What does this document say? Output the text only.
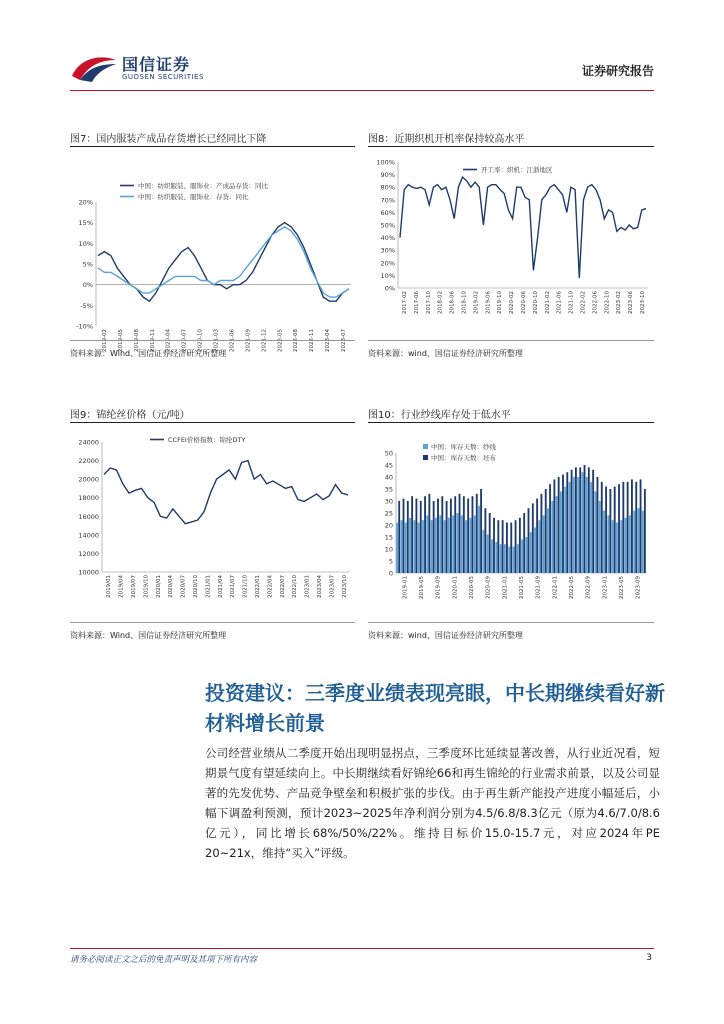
国信证券
GUOSEN SECURITIES	证券研究报告
图7：国内服装产成品存货增长已经同比下降
20%
15%
10%
5%
0%
-5%
-10%
2019-02 2019-05 2019-08 2019-11 2020-04 2020-07 2020-10 2021-03 2021-06 2021-09 2021-12 2022-05 2022-08 2022-11 2023-04 2023-07
中国：纺织服装、服饰业：产成品存货：同比
中国：纺织服装、服饰业：存货：同比
资料来源：Wind、国信证券经济研究所整理
图8：近期织机开机率保持较高水平
100%
90%
80%
70%
60%
50%
40%
30%
20%
10%
0%
2017-02 2017-06 2017-10 2018-02 2018-06 2018-10 2019-02 2019-06 2019-10 2020-02 2020-06 2020-10 2021-02 2021-06 2021-10 2022-02 2022-06 2022-10 2023-02 2023-06 2023-10
开工率：织机：江浙地区
资料来源：wind、国信证券经济研究所整理
图9：锦纶丝价格（元/吨）
24000
22000
20000
18000
16000
14000
12000
10000
2019/01 2019/04 2019/07 2019/10 2020/01 2020/04 2020/07 2020/10 2021/01 2021/04 2021/07 2021/10 2022/01 2022/04 2022/07 2022/10 2023/01 2023/04 2023/07 2023/10
CCFEI价格指数：锦纶DTY
资料来源：Wind、国信证券经济研究所整理
图10：行业纱线库存处于低水平
50
45
40
35
30
25
20
15
10
5
0
2019-01 2019-05 2019-09 2020-01 2020-05 2020-09 2021-01 2021-05 2021-09 2022-01 2022-05 2022-09 2023-01 2023-05 2023-09
中国：库存天数：纱线
中国：库存天数：坯布
资料来源：wind、国信证券经济研究所整理
投资建议：三季度业绩表现亮眼，中长期继续看好新材料增长前景
公司经营业绩从二季度开始出现明显拐点，三季度环比延续显著改善，从行业近况看，短期景气度有望延续向上。中长期继续看好锦纶66和再生锦纶的行业需求前景，以及公司显著的先发优势、产品竞争壁垒和积极扩张的步伐。由于再生新产能投产进度小幅延后，小幅下调盈利预测，预计2023~2025年净利润分别为4.5/6.8/8.3亿元（原为4.6/7.0/8.6亿元），同比增长68%/50%/22%。维持目标价15.0-15.7元，对应2024年PE 20~21x，维持“买入”评级。
请务必阅读正文之后的免责声明及其项下所有内容	3
